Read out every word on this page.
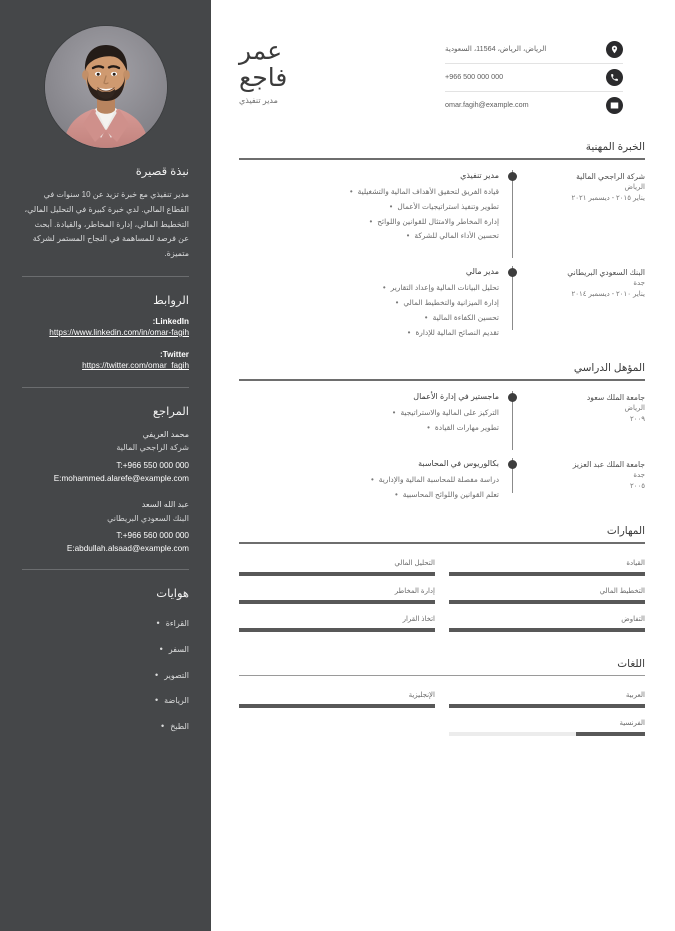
نبذة قصيرة
مدير تنفيذي مع خبرة تزيد عن 10 سنوات في القطاع المالي. لدي خبرة كبيرة في التحليل المالي، التخطيط المالي، إدارة المخاطر، والقيادة. أبحث عن فرصة للمساهمة في النجاح المستمر لشركة متميزة.
الروابط
LinkedIn:
https://www.linkedin.com/in/omar-fagih
Twitter:
https://twitter.com/omar_fagih
المراجع
محمد العريفي
شركة الراجحي المالية
T:+966 550 000 000
E:mohammed.alarefe@example.com
عبد الله السعد
البنك السعودي البريطاني
T:+966 560 000 000
E:abdullah.alsaad@example.com
هوايات
القراءة •
السفر •
التصوير •
الرياضة •
الطبخ •
الرياض، الرياض، 11564، السعودية
+966 500 000 000
omar.fagih@example.com
عمر
فاجع
مدير تنفيذي
الخبرة المهنية
شركة الراجحي المالية
الرياض
يناير ٢٠١٥ - ديسمبر ٢٠٢١
مدير تنفيذي
قيادة الفريق لتحقيق الأهداف المالية والتشغيلية •
تطوير وتنفيذ استراتيجيات الأعمال •
إدارة المخاطر والامتثال للقوانين واللوائح •
تحسين الأداء المالي للشركة •
البنك السعودي البريطاني
جدة
يناير ٢٠١٠ - ديسمبر ٢٠١٤
مدير مالي
تحليل البيانات المالية وإعداد التقارير •
إدارة الميزانية والتخطيط المالي •
تحسين الكفاءة المالية •
تقديم النصائح المالية للإدارة •
المؤهل الدراسي
جامعة الملك سعود
الرياض
٢٠٠٩
ماجستير في إدارة الأعمال
التركيز على المالية والاستراتيجية •
تطوير مهارات القيادة •
جامعة الملك عبد العزيز
جدة
٢٠٠٥
بكالوريوس في المحاسبة
دراسة مفصلة للمحاسبة المالية والإدارية •
تعلم القوانين واللوائح المحاسبية •
المهارات
القيادة
التحليل المالي
التخطيط المالي
إدارة المخاطر
التفاوض
اتخاذ القرار
اللغات
العربية
الإنجليزية
الفرنسية
